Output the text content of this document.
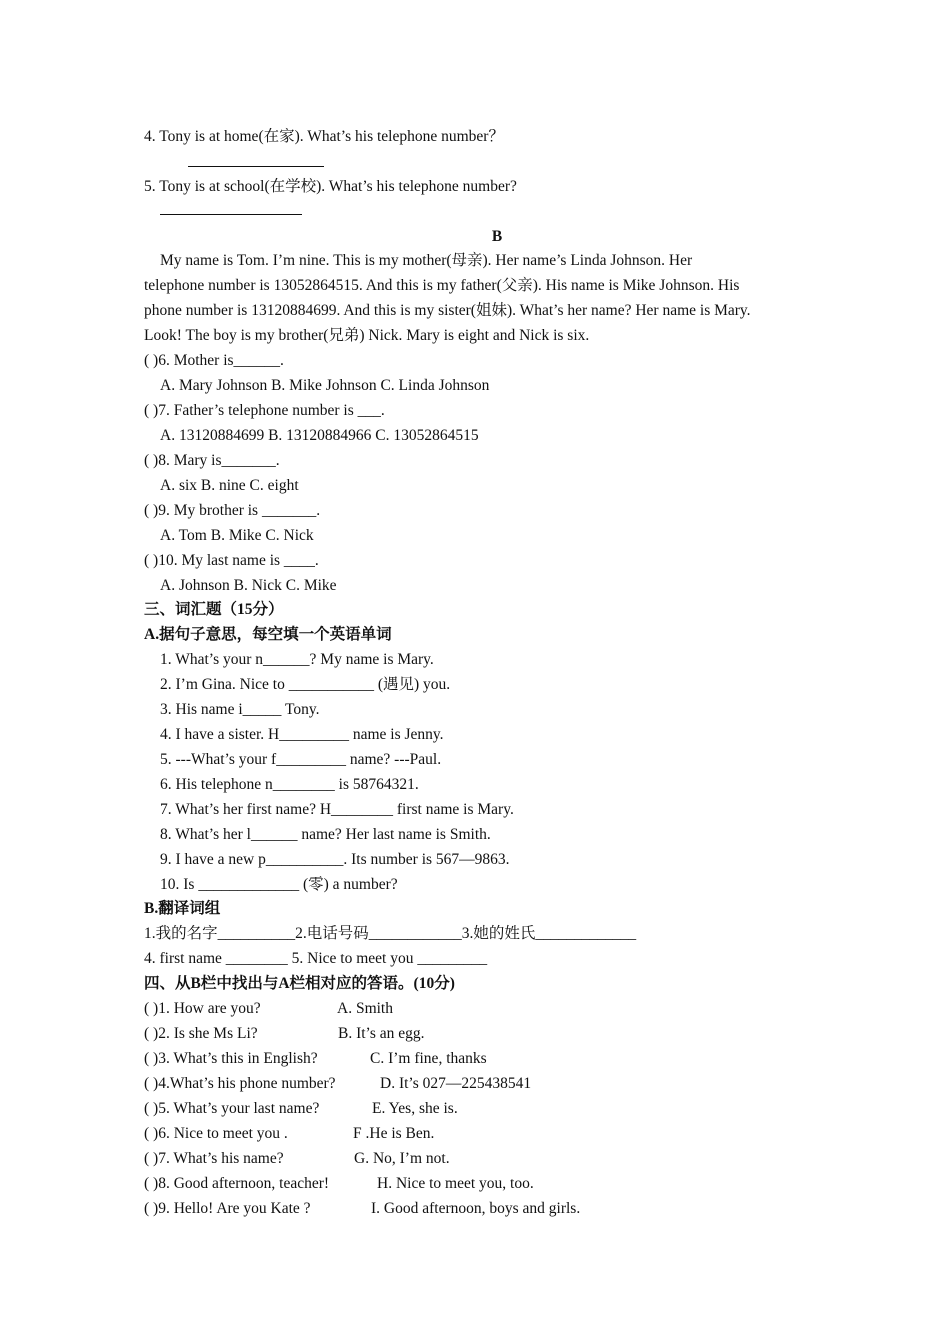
4. Tony is at home(在家). What’s his telephone number？
5. Tony is at school(在学校). What’s his telephone number?
B
My name is Tom. I’m nine. This is my mother(母亲). Her name’s Linda Johnson. Her
telephone number is 13052864515. And this is my father(父亲). His name is Mike Johnson. His
phone number is 13120884699. And this is my sister(姐妹). What’s her name? Her name is Mary.
Look! The boy is my brother(兄弟) Nick. Mary is eight and Nick is six.
( )6. Mother is______.
A. Mary Johnson B. Mike Johnson C. Linda Johnson
( )7. Father’s telephone number is ___.
A. 13120884699 B. 13120884966 C. 13052864515
( )8. Mary is_______.
A. six B. nine C. eight
( )9. My brother is _______.
A. Tom B. Mike C. Nick
( )10. My last name is ____.
A. Johnson B. Nick C. Mike
三、词汇题（15分）
A.据句子意思，每空填一个英语单词
1. What’s your n______? My name is Mary.
2. I’m Gina. Nice to ___________ (遇见) you.
3. His name i_____ Tony.
4. I have a sister. H_________ name is Jenny.
5. ---What’s your f_________ name? ---Paul.
6. His telephone n________ is 58764321.
7. What’s her first name? H________ first name is Mary.
8. What’s her l______ name? Her last name is Smith.
9. I have a new p__________. Its number is 567—9863.
10. Is _____________ (零) a number?
B.翻译词组
1.我的名字__________2.电话号码____________3.她的姓氏_____________
4. first name ________ 5. Nice to meet you _________
四、从B栏中找出与A栏相对应的答语。(10分)
( )1. How are you?	A. Smith
( )2. Is she Ms Li?	B. It’s an egg.
( )3. What’s this in English?	C. I’m fine, thanks
( )4.What’s his phone number?	D. It’s 027—225438541
( )5. What’s your last name?	E. Yes, she is.
( )6. Nice to meet you .	F .He is Ben.
( )7. What’s his name?	G. No, I’m not.
( )8. Good afternoon, teacher!	H. Nice to meet you, too.
( )9. Hello! Are you Kate ?	I. Good afternoon, boys and girls.
